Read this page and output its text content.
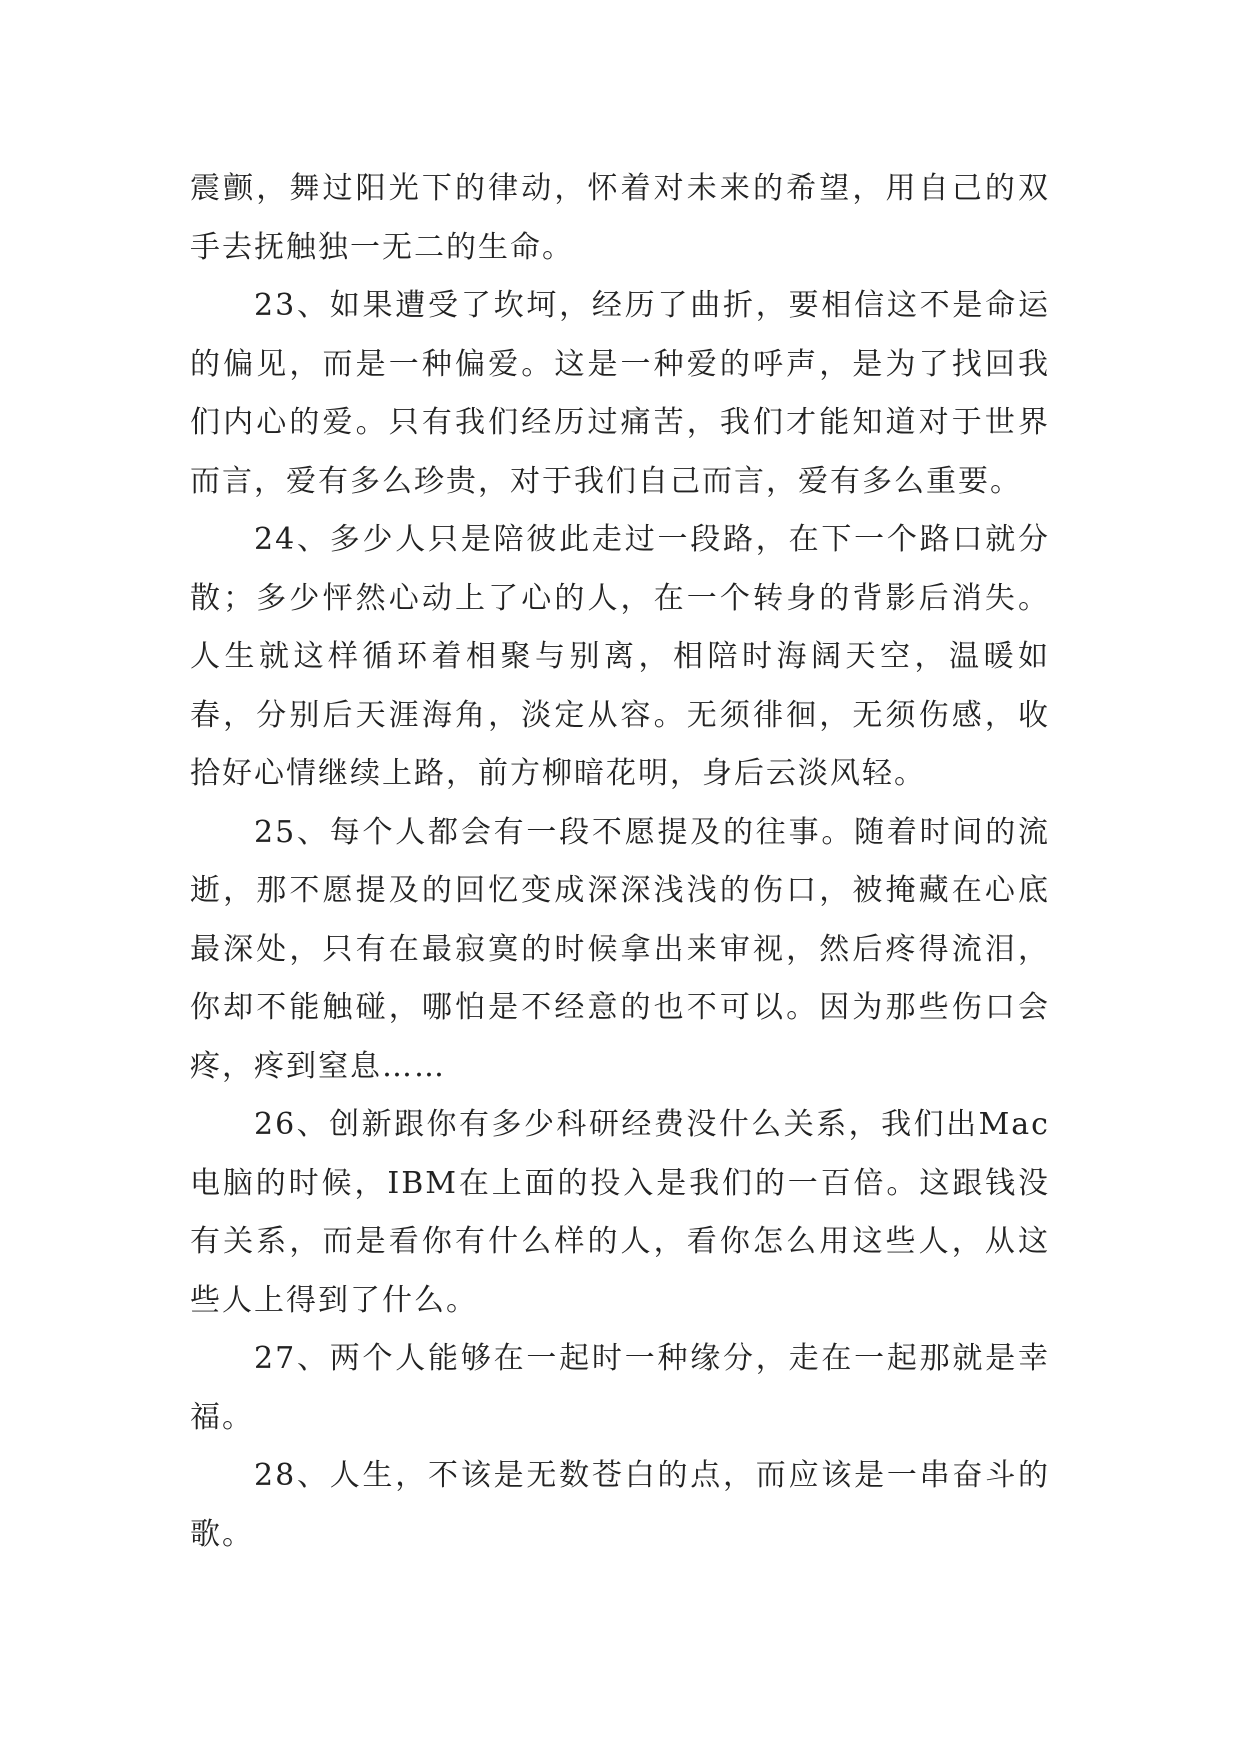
震颤，舞过阳光下的律动，怀着对未来的希望，用自己的双手去抚触独一无二的生命。

23、如果遭受了坎坷，经历了曲折，要相信这不是命运的偏见，而是一种偏爱。这是一种爱的呼声，是为了找回我们内心的爱。只有我们经历过痛苦，我们才能知道对于世界而言，爱有多么珍贵，对于我们自己而言，爱有多么重要。

24、多少人只是陪彼此走过一段路，在下一个路口就分散；多少怦然心动上了心的人，在一个转身的背影后消失。人生就这样循环着相聚与别离，相陪时海阔天空，温暖如春，分别后天涯海角，淡定从容。无须徘徊，无须伤感，收拾好心情继续上路，前方柳暗花明，身后云淡风轻。

25、每个人都会有一段不愿提及的往事。随着时间的流逝，那不愿提及的回忆变成深深浅浅的伤口，被掩藏在心底最深处，只有在最寂寞的时候拿出来审视，然后疼得流泪，你却不能触碰，哪怕是不经意的也不可以。因为那些伤口会疼，疼到窒息……

26、创新跟你有多少科研经费没什么关系，我们出Mac电脑的时候，IBM在上面的投入是我们的一百倍。这跟钱没有关系，而是看你有什么样的人，看你怎么用这些人，从这些人上得到了什么。

27、两个人能够在一起时一种缘分，走在一起那就是幸福。

28、人生，不该是无数苍白的点，而应该是一串奋斗的歌。
